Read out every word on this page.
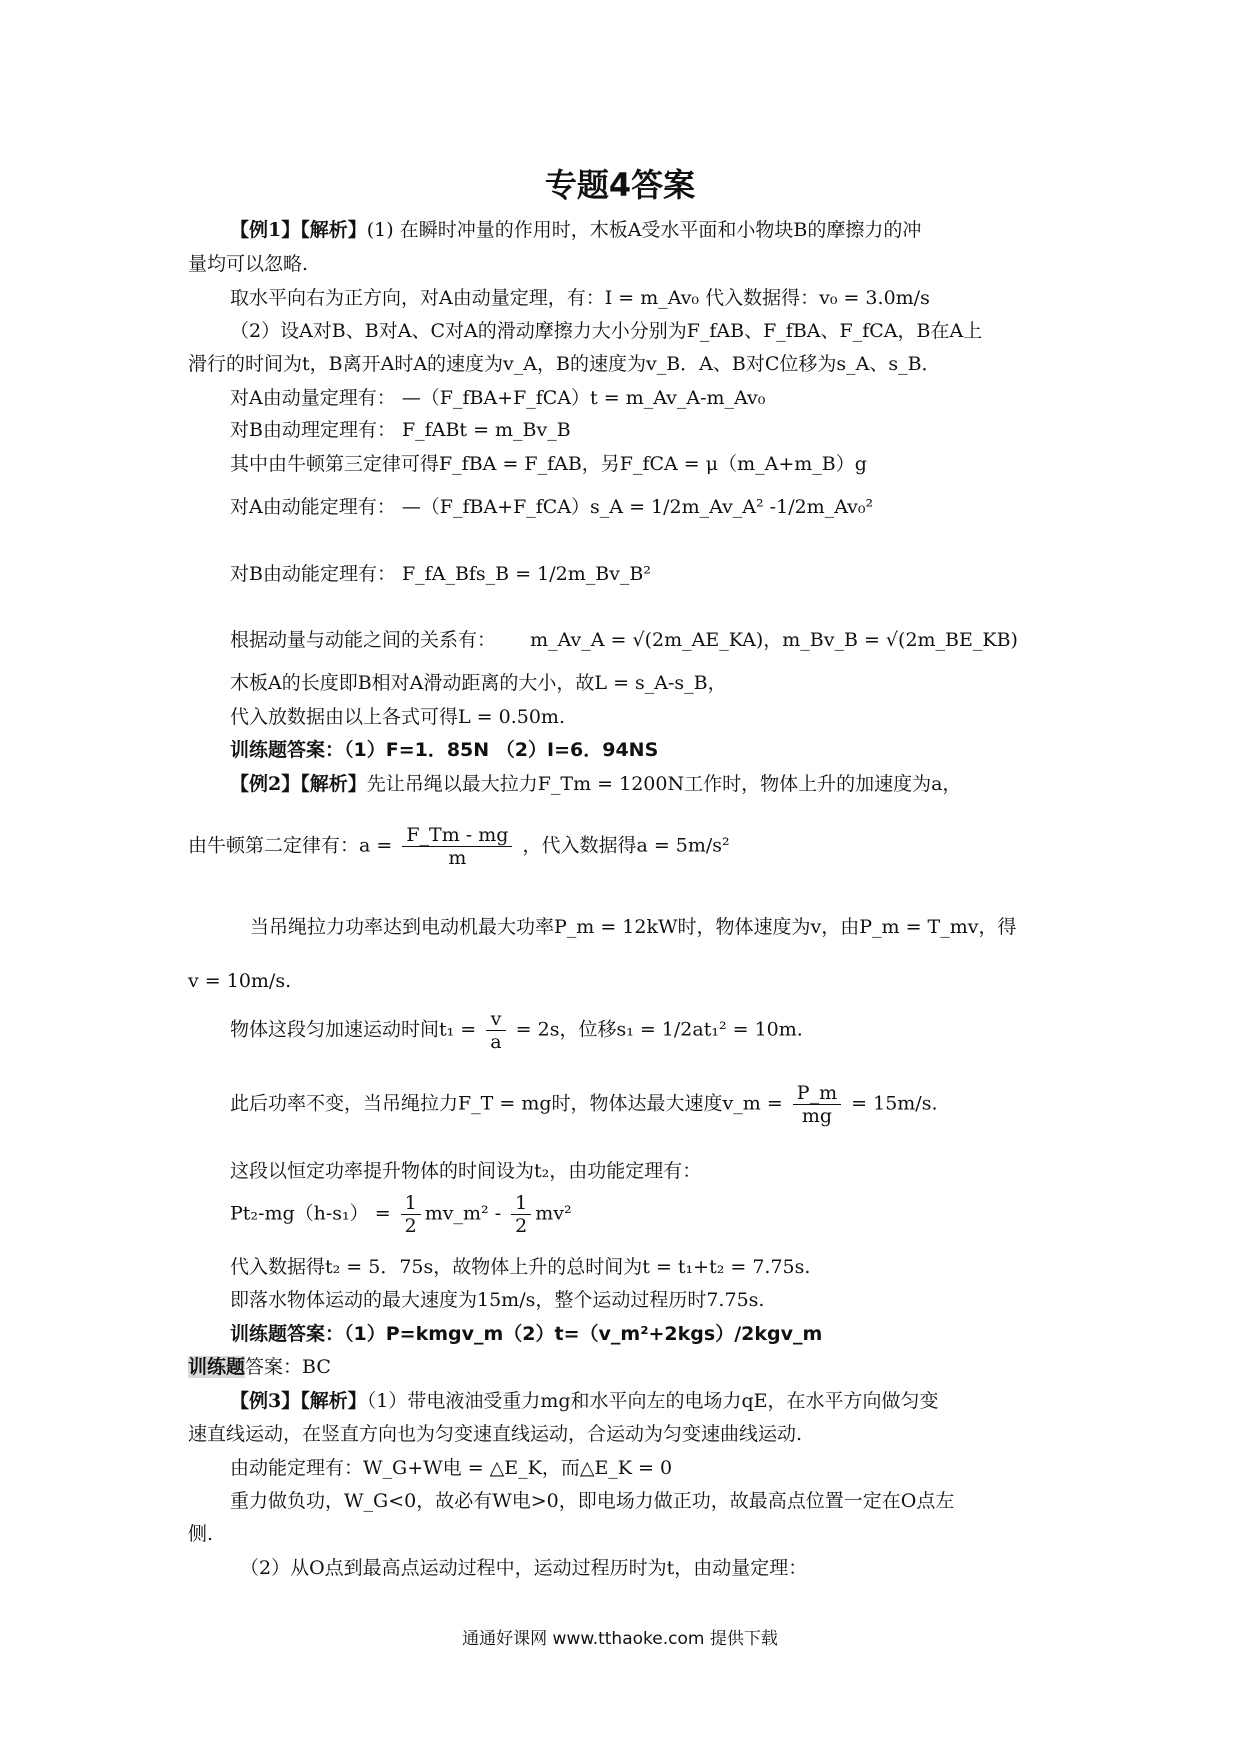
专题4答案
【例1】【解析】(1) 在瞬时冲量的作用时，木板A受水平面和小物块B的摩擦力的冲
量均可以忽略.
取水平向右为正方向，对A由动量定理，有：I = m_Av₀ 代入数据得：v₀ = 3.0m/s
（2）设A对B、B对A、C对A的滑动摩擦力大小分别为F_fAB、F_fBA、F_fCA，B在A上
滑行的时间为t，B离开A时A的速度为v_A，B的速度为v_B．A、B对C位移为s_A、s_B．
对A由动量定理有： —（F_fBA+F_fCA）t = m_Av_A-m_Av₀
对B由动理定理有： F_fABt = m_Bv_B
其中由牛顿第三定律可得F_fBA = F_fAB，另F_fCA = μ（m_A+m_B）g
对A由动能定理有： —（F_fBA+F_fCA）s_A = 1/2m_Av_A² -1/2m_Av₀²
对B由动能定理有： F_fA_Bfs_B = 1/2m_Bv_B²
根据动量与动能之间的关系有： m_Av_A = √(2m_AE_KA)，m_Bv_B = √(2m_BE_KB)
木板A的长度即B相对A滑动距离的大小，故L = s_A-s_B，
代入放数据由以上各式可得L = 0.50m.
训练题答案：（1）F=1．85N （2）I=6．94NS
【例2】【解析】先让吊绳以最大拉力F_Tm = 1200N工作时，物体上升的加速度为a，
由牛顿第二定律有：$a = \frac{F\_Tm - mg}{m}$ ，代入数据得a = 5m/s²
当吊绳拉力功率达到电动机最大功率P_m = 12kW时，物体速度为v，由P_m = T_mv，得
v = 10m/s.
物体这段匀加速运动时间$t_1 = \frac{v}{a} = 2s$，位移s₁ = 1/2at₁² = 10m.
此后功率不变，当吊绳拉力F_T = mg时，物体达最大速度v_m = $\frac{P\_m}{mg} = 15m/s$.
这段以恒定功率提升物体的时间设为t₂，由功能定理有：
$Pt_2-mg(h-s_1) = \frac{1}{2}$ mv_m² - $\frac{1}{2} mv^2$
代入数据得t₂ = 5．75s，故物体上升的总时间为t = t₁+t₂ = 7.75s.
即落水物体运动的最大速度为15m/s，整个运动过程历时7.75s.
训练题答案：（1）P=kmgv_m（2）t=（v_m²+2kgs）/2kgv_m
训练题答案：BC
【例3】【解析】（1）带电液油受重力mg和水平向左的电场力qE，在水平方向做匀变
速直线运动，在竖直方向也为匀变速直线运动，合运动为匀变速曲线运动.
由动能定理有：W_G+W电 = △E_K，而△E_K = 0
重力做负功，W_G<0，故必有W电>0，即电场力做正功，故最高点位置一定在O点左
侧.
（2）从O点到最高点运动过程中，运动过程历时为t，由动量定理：
通通好课网 www.tthaoke.com 提供下载
